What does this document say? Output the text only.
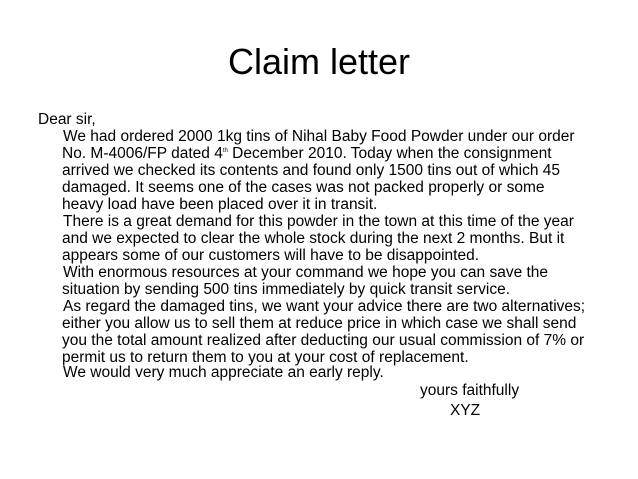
Claim letter
Dear sir,
We had ordered 2000 1kg tins of Nihal Baby Food Powder under our order
No. M-4006/FP dated 4th December 2010. Today when the consignment
arrived we checked its contents and found only 1500 tins out of which 45
damaged. It seems one of the cases was not packed properly or some
heavy load have been placed over it in transit.
There is a great demand for this powder in the town at this time of the year
and we expected to clear the whole stock during the next 2 months. But it
appears some of our customers will have to be disappointed.
With enormous resources at your command we hope you can save the
situation by sending 500 tins immediately by quick transit service.
As regard the damaged tins, we want your advice there are two alternatives;
either you allow us to sell them at reduce price in which case we shall send
you the total amount realized after deducting our usual commission of 7% or
permit us to return them to you at your cost of replacement.
We would very much appreciate an early reply.
yours faithfully
XYZ
